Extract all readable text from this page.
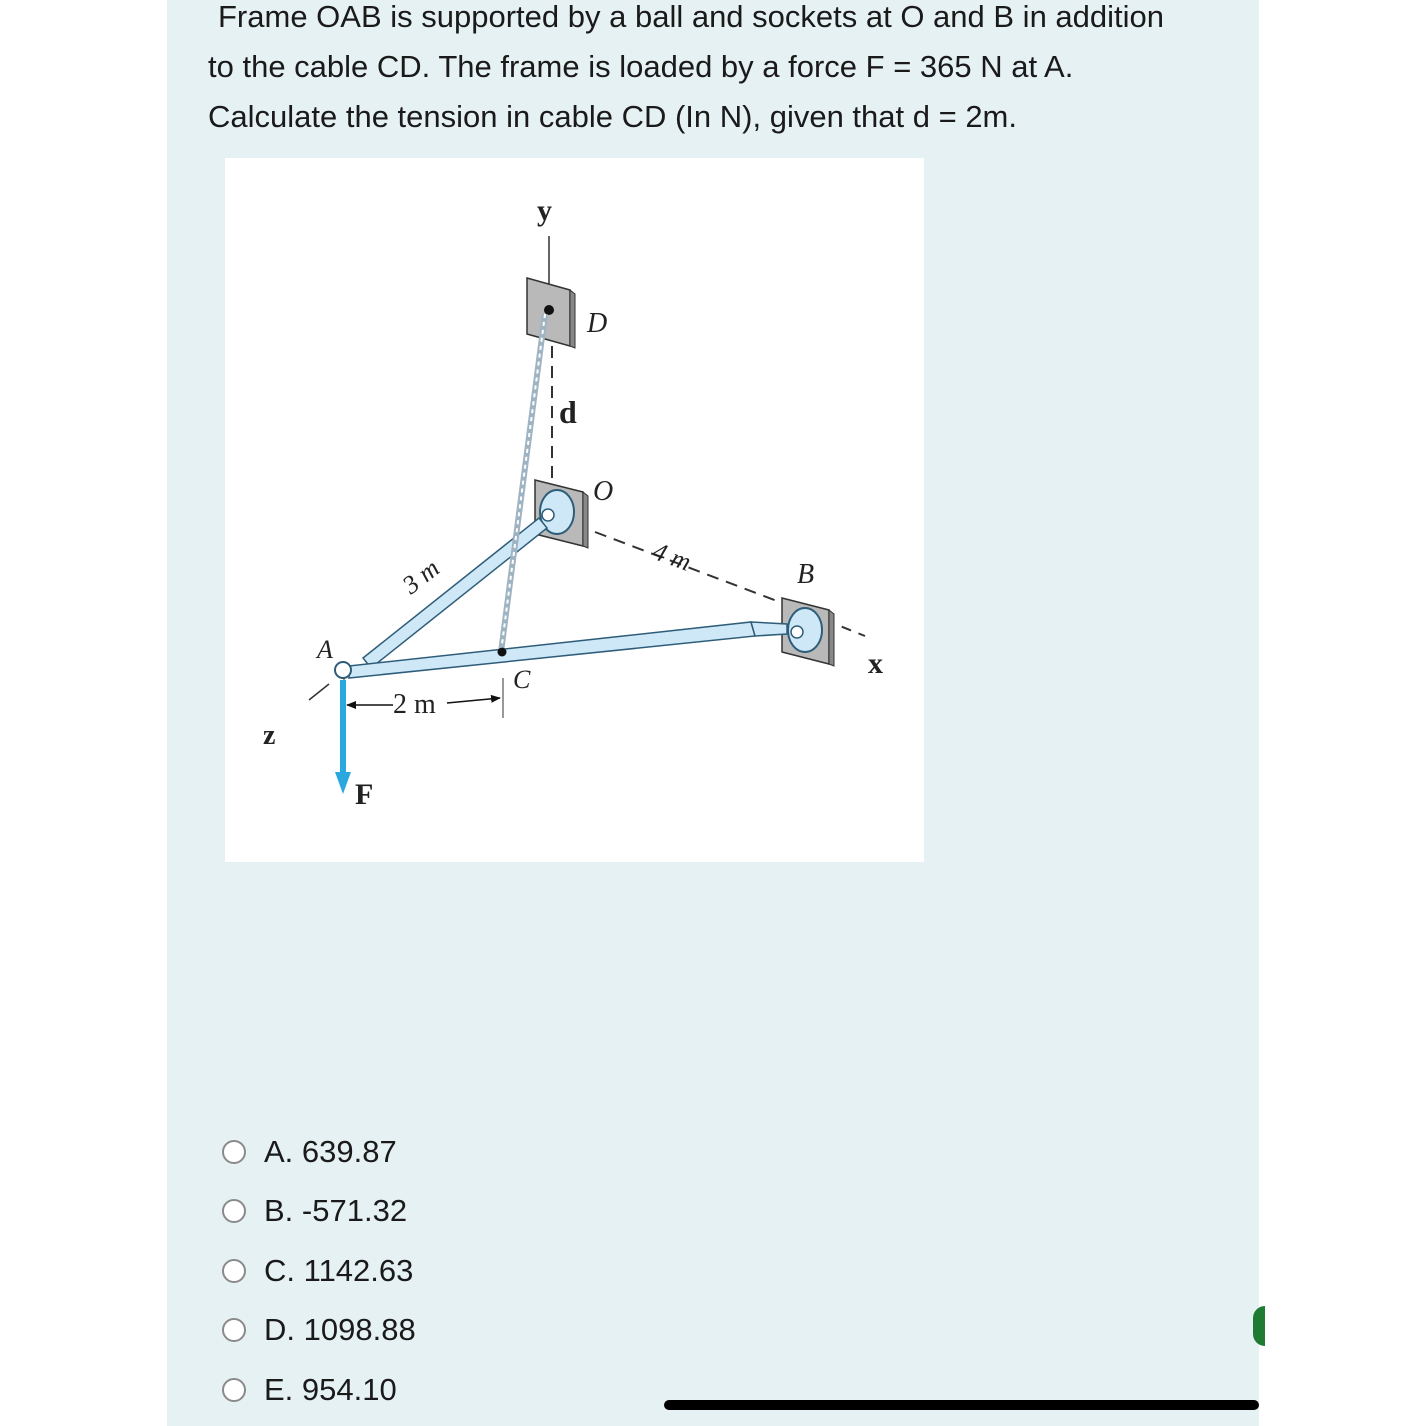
Frame OAB is supported by a ball and sockets at O and B in addition
to the cable CD. The frame is loaded by a force F = 365 N at A.
Calculate the tension in cable CD (In N), given that d = 2m.

y
D
d
4 m
x
O
B
3 m
C
A
z
2 m
F
A.
639.87
B.
-571.32
C.
1142.63
D.
1098.88
E.
954.10
